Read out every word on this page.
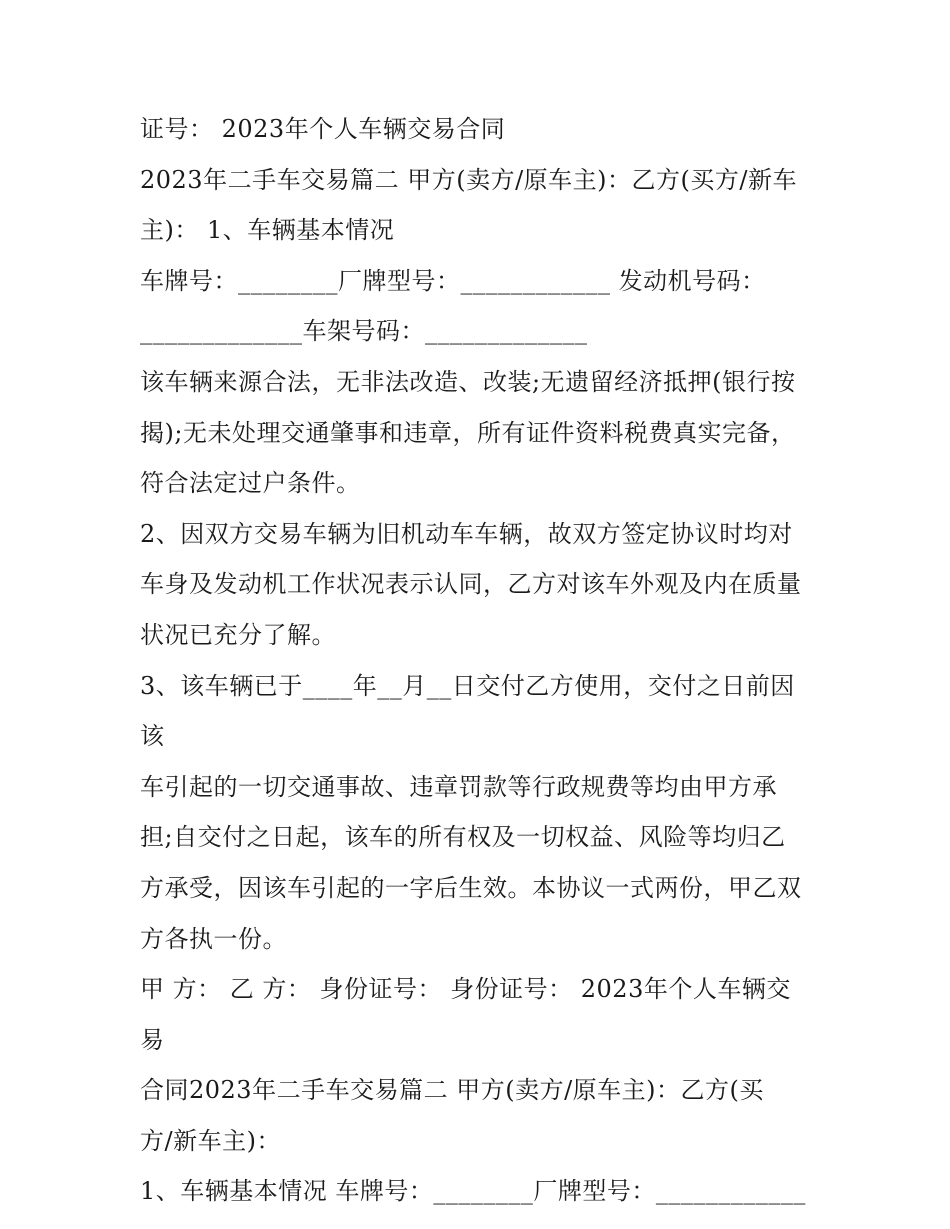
证号： 2023年个人车辆交易合同

2023年二手车交易篇二 甲方(卖方/原车主)：乙方(买方/新车

主)： 1、车辆基本情况

车牌号：________厂牌型号：____________ 发动机号码：

_____________车架号码：_____________

该车辆来源合法，无非法改造、改装;无遗留经济抵押(银行按

揭);无未处理交通肇事和违章，所有证件资料税费真实完备，

符合法定过户条件。

2、因双方交易车辆为旧机动车车辆，故双方签定协议时均对

车身及发动机工作状况表示认同，乙方对该车外观及内在质量

状况已充分了解。

3、该车辆已于____年__月__日交付乙方使用，交付之日前因该

车引起的一切交通事故、违章罚款等行政规费等均由甲方承

担;自交付之日起，该车的所有权及一切权益、风险等均归乙

方承受，因该车引起的一字后生效。本协议一式两份，甲乙双

方各执一份。

甲 方： 乙 方： 身份证号： 身份证号： 2023年个人车辆交易

合同2023年二手车交易篇二 甲方(卖方/原车主)：乙方(买

方/新车主)：

1、车辆基本情况 车牌号：________厂牌型号：____________
